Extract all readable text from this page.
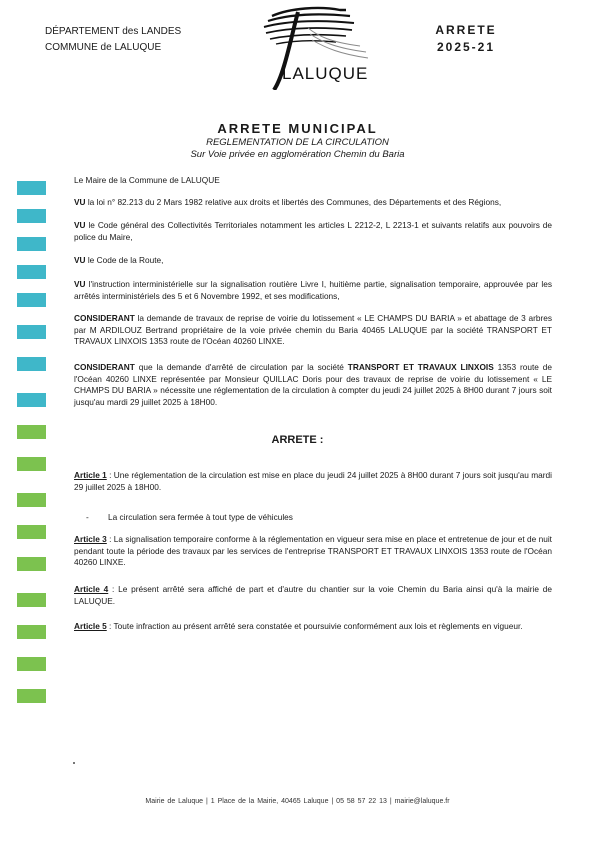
DÉPARTEMENT des LANDES
COMMUNE de LALUQUE
LALUQUE
ARRETE
2025-21
ARRETE MUNICIPAL
REGLEMENTATION DE LA CIRCULATION
Sur Voie privée en agglomération Chemin du Baria
Le Maire de la Commune de LALUQUE
VU la loi n° 82.213 du 2 Mars 1982 relative aux droits et libertés des Communes, des Départements et des Régions,
VU le Code général des Collectivités Territoriales notamment les articles L 2212-2, L 2213-1 et suivants relatifs aux pouvoirs de police du Maire,
VU le Code de la Route,
VU l'instruction interministérielle sur la signalisation routière Livre I, huitième partie, signalisation temporaire, approuvée par les arrêtés interministériels des 5 et 6 Novembre 1992, et ses modifications,
CONSIDERANT la demande de travaux de reprise de voirie du lotissement « LE CHAMPS DU BARIA » et abattage de 3 arbres par M ARDILOUZ Bertrand propriétaire de la voie privée chemin du Baria 40465 LALUQUE par la société TRANSPORT ET TRAVAUX LINXOIS 1353 route de l'Océan 40260 LINXE.
CONSIDERANT que la demande d'arrêté de circulation par la société TRANSPORT ET TRAVAUX LINXOIS 1353 route de l'Océan 40260 LINXE représentée par Monsieur QUILLAC Doris pour des travaux de reprise de voirie du lotissement « LE CHAMPS DU BARIA » nécessite une réglementation de la circulation à compter du jeudi 24 juillet 2025 à 8H00 durant 7 jours soit jusqu'au mardi 29 juillet 2025 à 18H00.
ARRETE :
Article 1 : Une réglementation de la circulation est mise en place du jeudi 24 juillet 2025 à 8H00 durant 7 jours soit jusqu'au mardi 29 juillet 2025 à 18H00.
- La circulation sera fermée à tout type de véhicules
Article 3 : La signalisation temporaire conforme à la réglementation en vigueur sera mise en place et entretenue de jour et de nuit pendant toute la période des travaux par les services de l'entreprise TRANSPORT ET TRAVAUX LINXOIS 1353 route de l'Océan 40260 LINXE.
Article 4 : Le présent arrêté sera affiché de part et d'autre du chantier sur la voie Chemin du Baria ainsi qu'à la mairie de LALUQUE.
Article 5 : Toute infraction au présent arrêté sera constatée et poursuivie conformément aux lois et règlements en vigueur.
Mairie de Laluque | 1 Place de la Mairie, 40465 Laluque | 05 58 57 22 13 | mairie@laluque.fr
